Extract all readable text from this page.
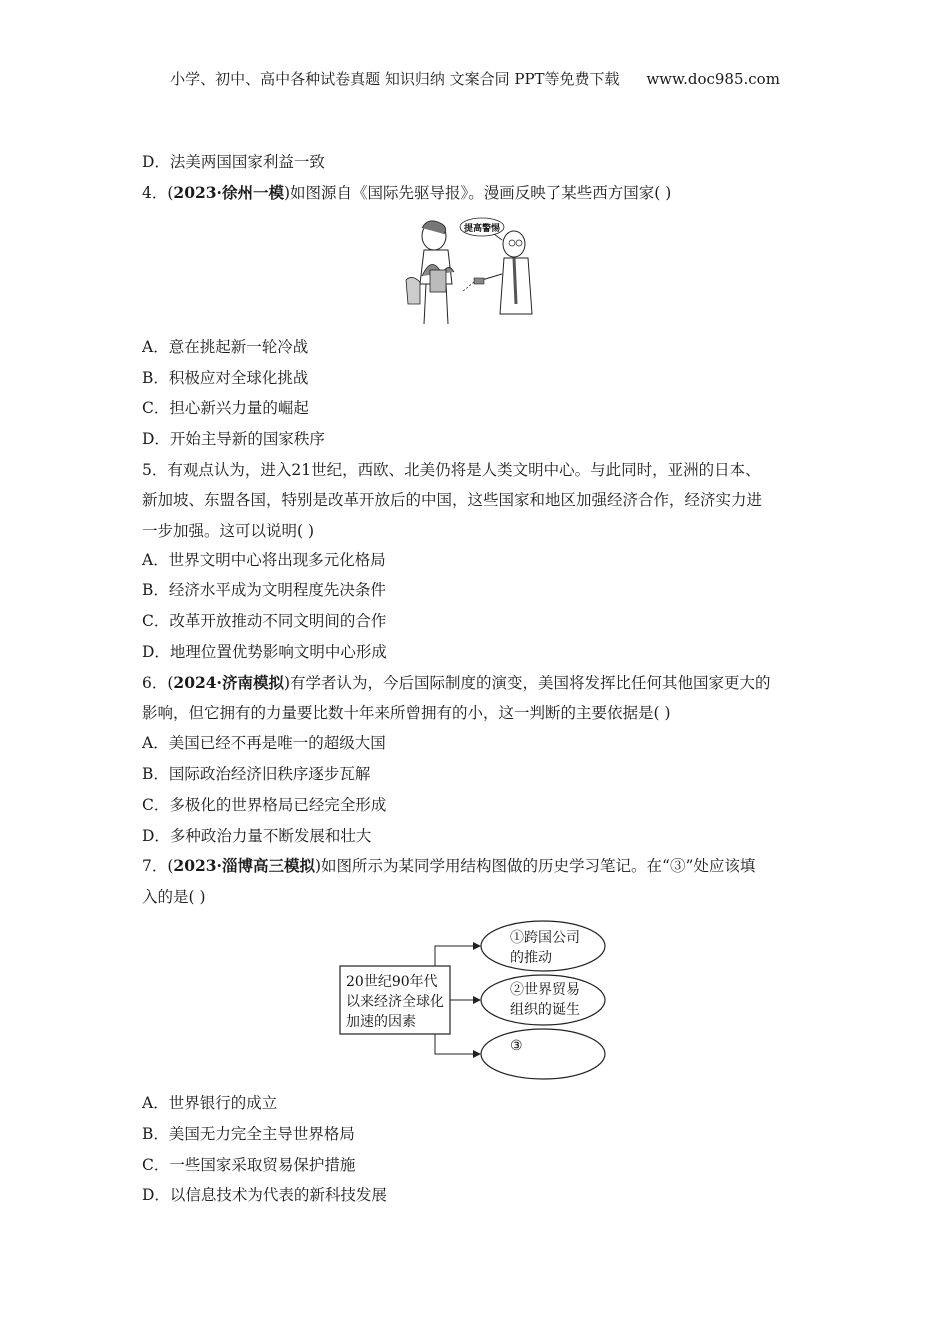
小学、初中、高中各种试卷真题 知识归纳 文案合同 PPT等免费下载 www.doc985.com
D．法美两国国家利益一致
4．(2023·徐州一模)如图源自《国际先驱导报》。漫画反映了某些西方国家( )
提高警惕
A．意在挑起新一轮冷战
B．积极应对全球化挑战
C．担心新兴力量的崛起
D．开始主导新的国家秩序
5．有观点认为，进入21世纪，西欧、北美仍将是人类文明中心。与此同时，亚洲的日本、
新加坡、东盟各国，特别是改革开放后的中国，这些国家和地区加强经济合作，经济实力进
一步加强。这可以说明( )
A．世界文明中心将出现多元化格局
B．经济水平成为文明程度先决条件
C．改革开放推动不同文明间的合作
D．地理位置优势影响文明中心形成
6．(2024·济南模拟)有学者认为，今后国际制度的演变，美国将发挥比任何其他国家更大的
影响，但它拥有的力量要比数十年来所曾拥有的小，这一判断的主要依据是( )
A．美国已经不再是唯一的超级大国
B．国际政治经济旧秩序逐步瓦解
C．多极化的世界格局已经完全形成
D．多种政治力量不断发展和壮大
7．(2023·淄博高三模拟)如图所示为某同学用结构图做的历史学习笔记。在“③”处应该填
入的是( )
20世纪90年代
以来经济全球化
加速的因素
①跨国公司
的推动
②世界贸易
组织的诞生
③
A．世界银行的成立
B．美国无力完全主导世界格局
C．一些国家采取贸易保护措施
D．以信息技术为代表的新科技发展
